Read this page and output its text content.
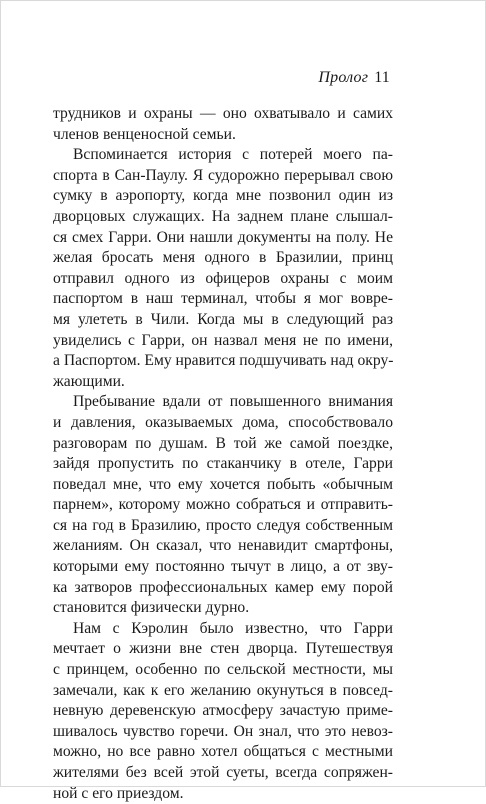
Пролог 11
трудников и охраны — оно охватывало и самих
членов венценосной семьи.
Вспоминается история с потерей моего па-
спорта в Сан-Паулу. Я судорожно перерывал свою
сумку в аэропорту, когда мне позвонил один из
дворцовых служащих. На заднем плане слышал-
ся смех Гарри. Они нашли документы на полу. Не
желая бросать меня одного в Бразилии, принц
отправил одного из офицеров охраны с моим
паспортом в наш терминал, чтобы я мог вовре-
мя улететь в Чили. Когда мы в следующий раз
увиделись с Гарри, он назвал меня не по имени,
а Паспортом. Ему нравится подшучивать над окру-
жающими.
Пребывание вдали от повышенного внимания
и давления, оказываемых дома, способствовало
разговорам по душам. В той же самой поездке,
зайдя пропустить по стаканчику в отеле, Гарри
поведал мне, что ему хочется побыть «обычным
парнем», которому можно собраться и отправить-
ся на год в Бразилию, просто следуя собственным
желаниям. Он сказал, что ненавидит смартфоны,
которыми ему постоянно тычут в лицо, а от зву-
ка затворов профессиональных камер ему порой
становится физически дурно.
Нам с Кэролин было известно, что Гарри
мечтает о жизни вне стен дворца. Путешествуя
с принцем, особенно по сельской местности, мы
замечали, как к его желанию окунуться в повсед-
невную деревенскую атмосферу зачастую приме-
шивалось чувство горечи. Он знал, что это невоз-
можно, но все равно хотел общаться с местными
жителями без всей этой суеты, всегда сопряжен-
ной с его приездом.
